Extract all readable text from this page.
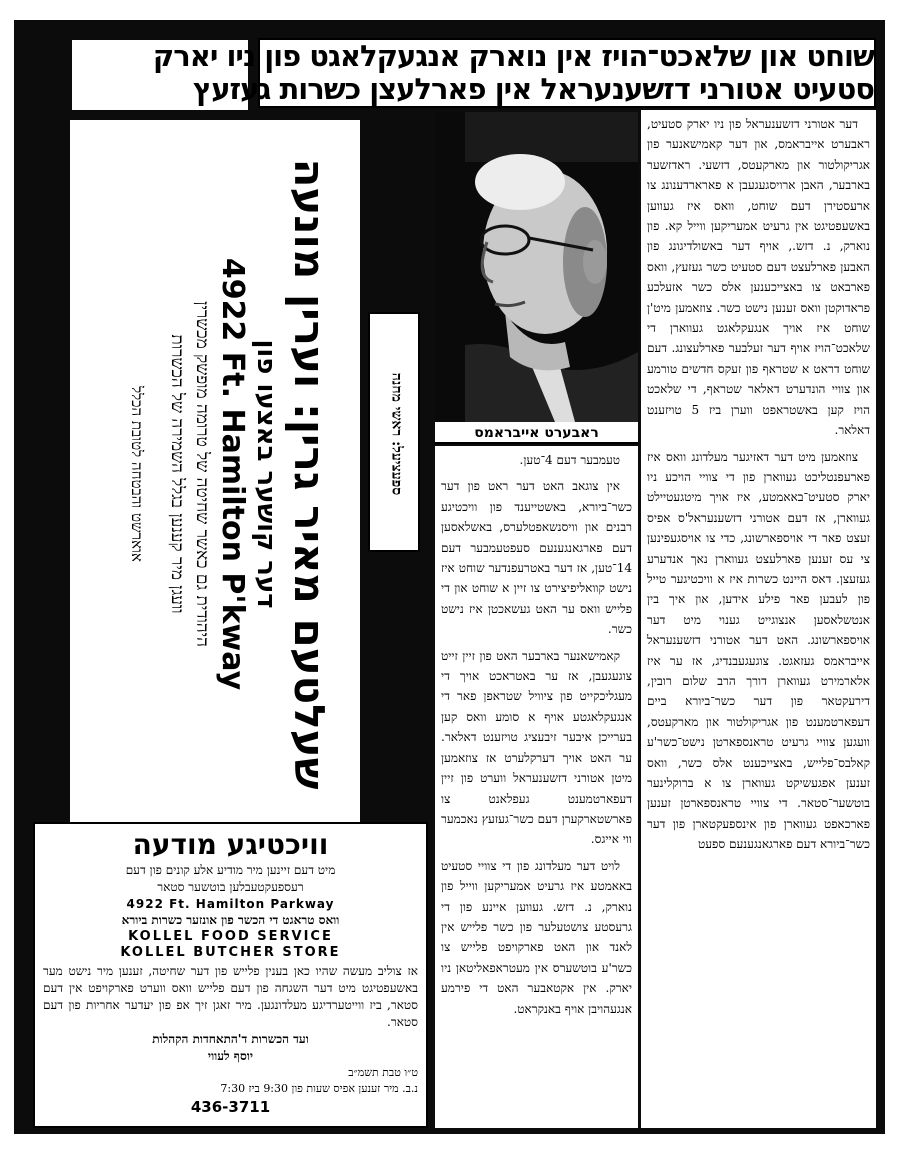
שוחט און שלאכט־הויז אין נוארק אנגעקלאגט פון ניו יארק
סטעיט אטורני דזשענעראל אין פארלעצן כשרות געזעץ
שעלטעם מאיר גרין: וערין מונעה
דער קושער באצעו פון
4922 Ft. Hamilton P'kway
היהודית גם כאשר שחיטה של טרומה מופשק מכשרין
וועגן מיר קענען בגלל השמירה של הכשרות
אוארשט והבטחה לטובת הכלל	ספעציעל: ראשי מחנה	ראבערט אייבראמס

דער אטורני דזשענעראל פון ניו יארק סטעיט, ראבערט אייבראמס, און דער קאמישאנער פון אגריקולטור און מארקעטס, דזשעי. ראדזשער בארבער, האבן ארויסגעגעבן א פארארדענונג צו ארעסטירן דעם שוחט, וואס איז געווען באשעפטיגט אין גרעיט אמעריקען ווייל קא. פון נוארק, נ. דזש., אויף דער באשולדיגונג פון האבען פארלעצט דעם סטעיט כשר געזעץ, וואס פארבאט צו באצייכענען אלס כשר אזעלכע פראדוקטן וואס זענען נישט כשר. צוזאמען מיט'ן שוחט איז אויך אנגעקלאגט געווארן די שלאכט־הויז אויף דער זעלבער פארלעצונג. דעם שוחט דראט א שטראף פון זעקס חדשים טורמע און צוויי הונדערט דאלאר שטראף, די שלאכט הויז קען באשטראפט ווערן ביז 5 טויזענט דאלאר.

צוזאמען מיט דער דאזיגער מעלדונג וואס איז פארעפנטליכט געווארן פון די צוויי הויכע ניו יארק סטעיט־באאמטע, איז אויך מיטגעטיילט געווארן, אז דעם אטורני דזשענעראל'ס אפיס זעצט פאר די אויספארשונג, כדי צו אויסגעפינען צי עס זענען פארלעצט געווארן נאך אנדערע געזעצן. דאס היינט כשרות איז א וויכטיגער טייל פון לעבען פאר פילע אידען, און איך בין אנטשלאסען אנצוגייט גענוי מיט דער אויספארשונג. האט דער אטורני דזשענעראל אייבראמס געזאגט. צוגעגעבנדיג, אז ער איז אלארמירט געווארן דורך הרב שלום רובין, דירעקטאר פון דער כשר־ביורא ביים דעפארטמענט פון אגריקולטור און מארקעטס, וועגען צוויי גרעיט טראנספארטן נישט־כשר'ע קאלבס־פלייש, באצייכענט אלס כשר, וואס זענען אפגעשיקט געווארן צו א ברוקלינער בוטשער־סטאר. די צוויי טראנספארטן זענען פארכאפט געווארן פון אינספעקטארן פון דער כשר־ביורא דעם פארגאנגענעם ספעט

טעמבער דעם 4־טען.

אין צוגאב האט דער ראט פון דער כשר־ביורא, באשטייענד פון וויכטיגע רבנים און וויסנשאפטלערס, באשלאסען דעם פארגאנגענעם סעפטעמבער דעם 14־טען, אז דער באטרעפנדער שוחט איז נישט קוואליפיצירט צו זיין א שוחט און די פלייש וואס ער האט געשאכטן איז נישט כשר.

קאמישאנער בארבער האט פון זיין זייט צוגעגעבן, אז ער באטראכט אויך די מעגליכקייט פון ציוויל שטראפן פאר די אנגעקלאגטע אויף א סומע וואס קען בערייכן איבער זיבעציג טויזענט דאלאר. ער האט אויך דערקלערט אז צוזאמען מיטן אטורני דזשענעראל ווערט פון זיין דעפארטמענט געפלאנט צו פארשטארקערן דעם כשר־געזעץ נאכמער ווי אייגס.

לויט דער מעלדונג פון די צוויי סטעיט באאמטע איז גרעיט אמעריקען ווייל פון נוארק, נ. דזש. געווען איינע פון די גרעסטע צושטעלער פון כשר פלייש אין לאנד און האט פארקויפט פלייש צו כשר'ע בוטשערס אין מעטראפאליטאן ניו יארק. אין אקטאבער האט די פירמע אנגעהויבן אויף באנקראט.

וויכטיגע מודעה
מיט דעם זיינען מיר מודיע אלע קונים פון דעם
רעספעקטעבלען בוטשער סטאר
4922 Ft. Hamilton Parkway
וואס טראגט די הכשר פון אונזער כשרות ביורא
KOLLEL FOOD SERVICE
KOLLEL BUTCHER STORE
אז צוליב מעשה שהיו כאן בענין פלייש פון דער שחיטה, זענען מיר נישט מער באשעפטיגט מיט דער השגחה פון דעם פלייש וואס ווערט פארקויפט אין דעם סטאר, ביז ווייטערדיגע מעלדונגען. מיר זאגן זיך אפ פון יעדער אחריות פון דעם סטאר.
ועד הכשרות ד'התאחדות הקהלות
יוסף לעווי
ט״ו טבת תשמ״ב
נ.ב. מיר זענען אפיס שעות פון 9:30 ביז 7:30
436-3711
